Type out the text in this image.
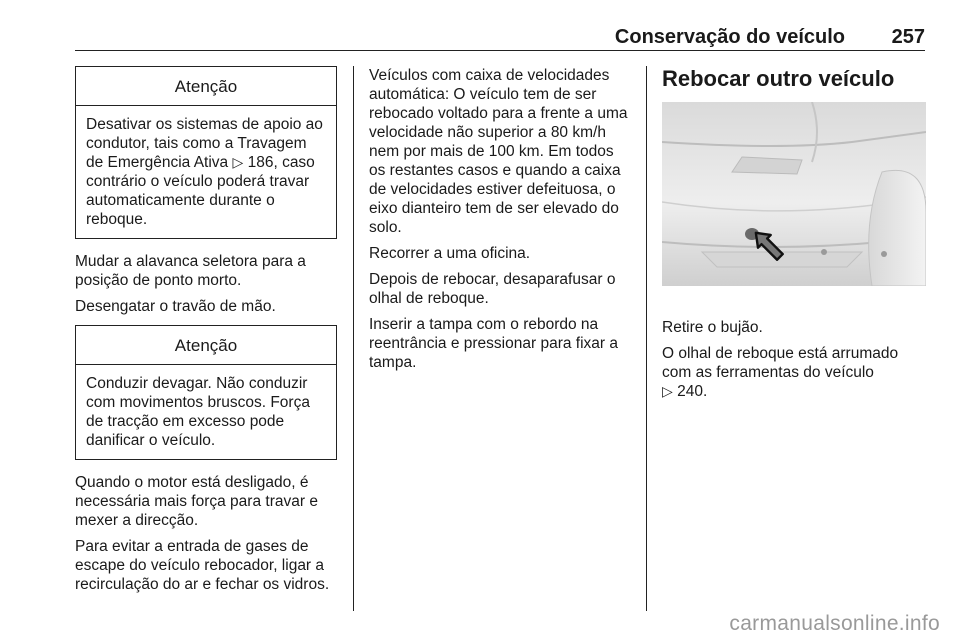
Conservação do veículo 257
Atenção
Desativar os sistemas de apoio ao condutor, tais como a Travagem de Emergência Ativa ▷ 186, caso contrário o veículo poderá travar automaticamente durante o reboque.

Mudar a alavanca seletora para a posição de ponto morto.

Desengatar o travão de mão.

Atenção
Conduzir devagar. Não conduzir com movimentos bruscos. Força de tracção em excesso pode danificar o veículo.

Quando o motor está desligado, é necessária mais força para travar e mexer a direcção.

Para evitar a entrada de gases de escape do veículo rebocador, ligar a recirculação do ar e fechar os vidros.

Veículos com caixa de velocidades automática: O veículo tem de ser rebocado voltado para a frente a uma velocidade não superior a 80 km/h nem por mais de 100 km. Em todos os restantes casos e quando a caixa de velocidades estiver defeituosa, o eixo dianteiro tem de ser elevado do solo.

Recorrer a uma oficina.

Depois de rebocar, desaparafusar o olhal de reboque.

Inserir a tampa com o rebordo na reentrância e pressionar para fixar a tampa.

Rebocar outro veículo

Retire o bujão.

O olhal de reboque está arrumado com as ferramentas do veículo
▷ 240.

carmanualsonline.info
